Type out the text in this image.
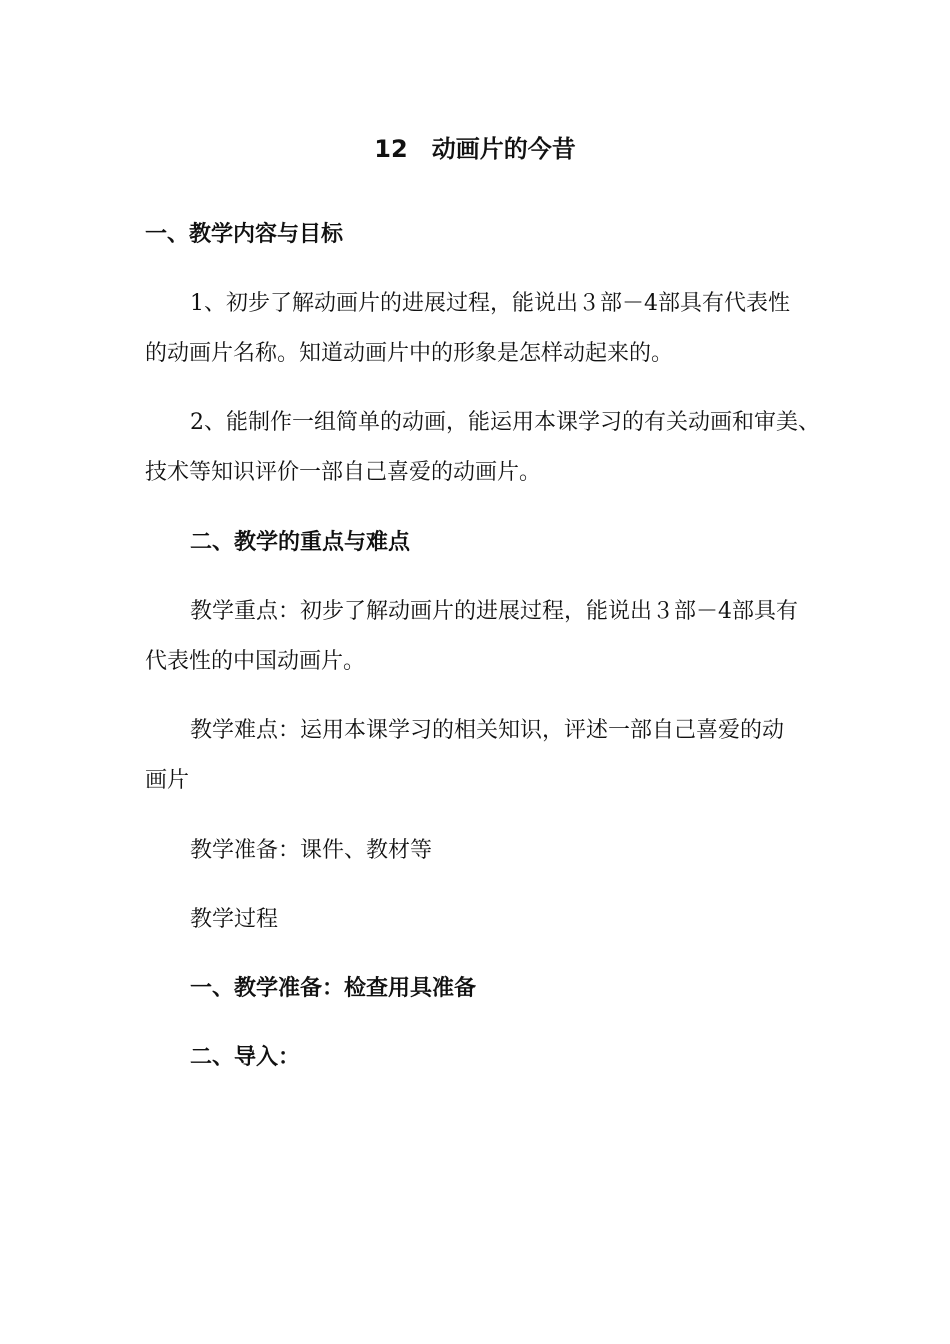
12　动画片的今昔
一、教学内容与目标
1、初步了解动画片的进展过程，能说出３部－4部具有代表性
的动画片名称。知道动画片中的形象是怎样动起来的。
2、能制作一组简单的动画，能运用本课学习的有关动画和审美、
技术等知识评价一部自己喜爱的动画片。
二、教学的重点与难点
教学重点：初步了解动画片的进展过程，能说出３部－4部具有
代表性的中国动画片。
教学难点：运用本课学习的相关知识，评述一部自己喜爱的动
画片
教学准备：课件、教材等
教学过程
一、教学准备：检查用具准备
二、导入：
